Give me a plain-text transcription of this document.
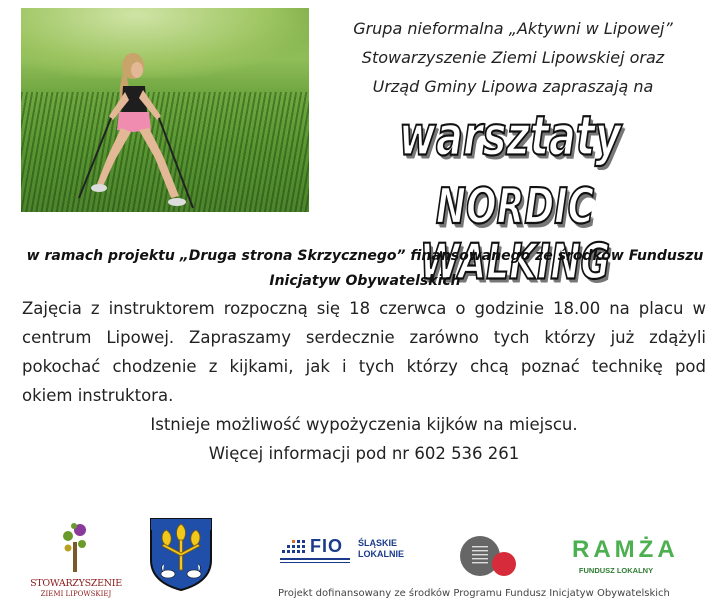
Grupa nieformalna „Aktywni w Lipowej”
Stowarzyszenie Ziemi Lipowskiej oraz
Urząd Gminy Lipowa zapraszają na
warsztaty
NORDIC WALKING
w ramach projektu „Druga strona Skrzycznego” finansowanego ze środków Funduszu
Inicjatyw Obywatelskich
Zajęcia z instruktorem rozpoczną się 18 czerwca o godzinie 18.00 na placu w
centrum Lipowej. Zapraszamy serdecznie zarówno tych którzy już zdążyli
pokochać chodzenie z kijkami, jak i tych którzy chcą poznać technikę pod
okiem instruktora.
Istnieje możliwość wypożyczenia kijków na miejscu.
Więcej informacji pod nr 602 536 261
STOWARZYSZENIE
ZIEMI LIPOWSKIEJ
FIO ŚLĄSKIE
LOKALNIE	RAMŻA
FUNDUSZ LOKALNY
Projekt dofinansowany ze środków Programu Fundusz Inicjatyw Obywatelskich
